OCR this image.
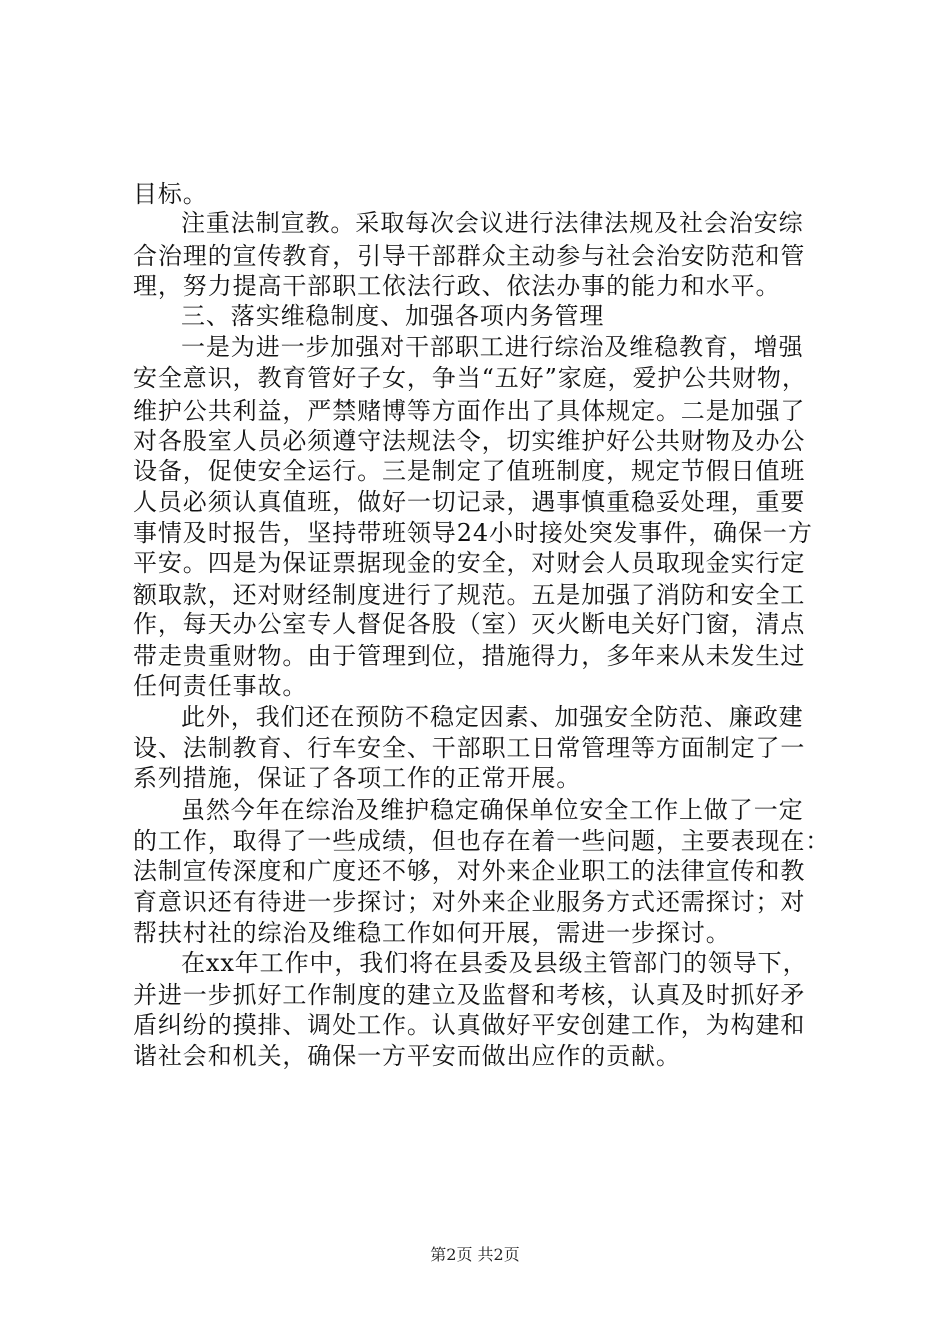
目标。
注重法制宣教。采取每次会议进行法律法规及社会治安综
合治理的宣传教育，引导干部群众主动参与社会治安防范和管
理，努力提高干部职工依法行政、依法办事的能力和水平。
三、落实维稳制度、加强各项内务管理
一是为进一步加强对干部职工进行综治及维稳教育，增强
安全意识，教育管好子女，争当“五好”家庭，爱护公共财物，
维护公共利益，严禁赌博等方面作出了具体规定。二是加强了
对各股室人员必须遵守法规法令，切实维护好公共财物及办公
设备，促使安全运行。三是制定了值班制度，规定节假日值班
人员必须认真值班，做好一切记录，遇事慎重稳妥处理，重要
事情及时报告，坚持带班领导24小时接处突发事件，确保一方
平安。四是为保证票据现金的安全，对财会人员取现金实行定
额取款，还对财经制度进行了规范。五是加强了消防和安全工
作，每天办公室专人督促各股（室）灭火断电关好门窗，清点
带走贵重财物。由于管理到位，措施得力，多年来从未发生过
任何责任事故。
此外，我们还在预防不稳定因素、加强安全防范、廉政建
设、法制教育、行车安全、干部职工日常管理等方面制定了一
系列措施，保证了各项工作的正常开展。
虽然今年在综治及维护稳定确保单位安全工作上做了一定
的工作，取得了一些成绩，但也存在着一些问题，主要表现在：
法制宣传深度和广度还不够，对外来企业职工的法律宣传和教
育意识还有待进一步探讨；对外来企业服务方式还需探讨；对
帮扶村社的综治及维稳工作如何开展，需进一步探讨。
在xx年工作中，我们将在县委及县级主管部门的领导下，
并进一步抓好工作制度的建立及监督和考核，认真及时抓好矛
盾纠纷的摸排、调处工作。认真做好平安创建工作，为构建和
谐社会和机关，确保一方平安而做出应作的贡献。
第2页 共2页
